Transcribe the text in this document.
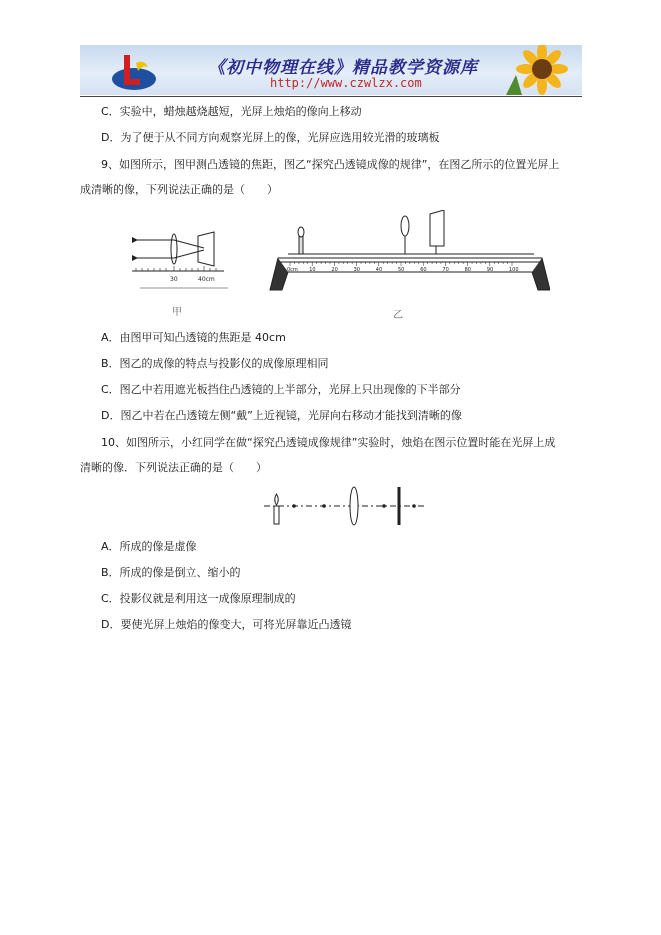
《初中物理在线》精品教学资源库
http://www.czwlzx.com
C．实验中，蜡烛越烧越短，光屏上烛焰的像向上移动
D．为了便于从不同方向观察光屏上的像，光屏应选用较光滑的玻璃板
9、如图所示，图甲测凸透镜的焦距，图乙“探究凸透镜成像的规律”，在图乙所示的位置光屏上
成清晰的像，下列说法正确的是（　　）
30	40cm
甲
0cm 10	20	30	40	50	60	70	80	90	100
乙
A．由图甲可知凸透镜的焦距是 40cm
B．图乙的成像的特点与投影仪的成像原理相同
C．图乙中若用遮光板挡住凸透镜的上半部分，光屏上只出现像的下半部分
D．图乙中若在凸透镜左侧“戴”上近视镜，光屏向右移动才能找到清晰的像
10、如图所示，小红同学在做“探究凸透镜成像规律”实验时，烛焰在图示位置时能在光屏上成
清晰的像．下列说法正确的是（　　）
A．所成的像是虚像
B．所成的像是倒立、缩小的
C．投影仪就是利用这一成像原理制成的
D．要使光屏上烛焰的像变大，可将光屏靠近凸透镜
